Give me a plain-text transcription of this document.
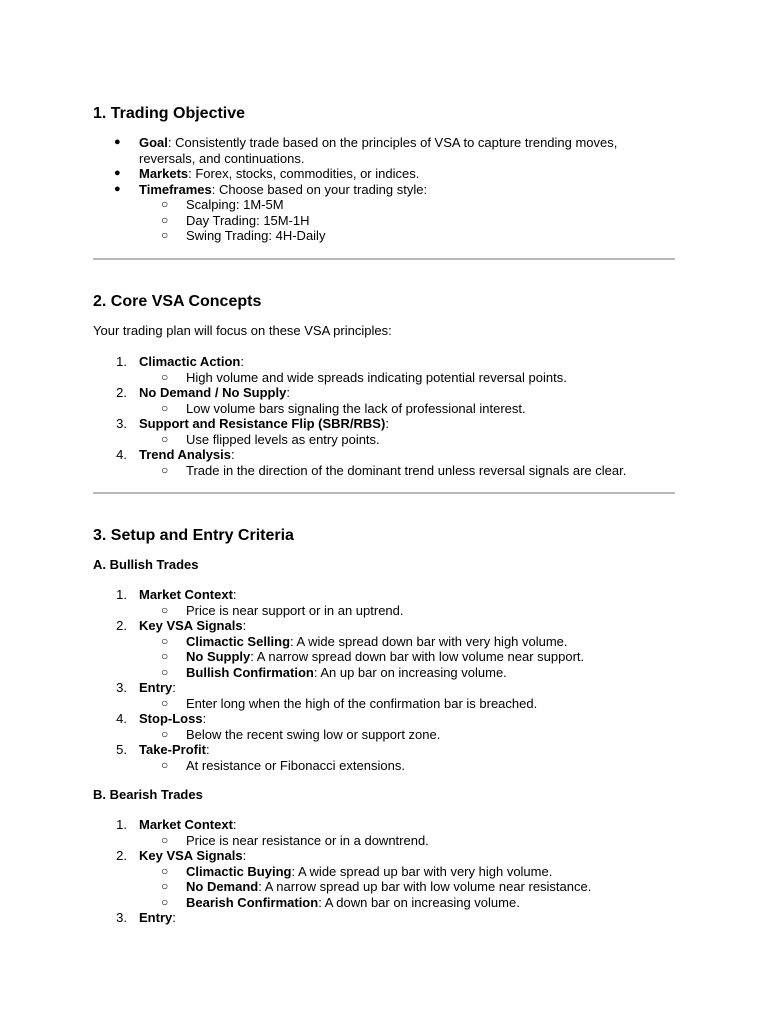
1. Trading Objective
● Goal: Consistently trade based on the principles of VSA to capture trending moves, reversals, and continuations.
● Markets: Forex, stocks, commodities, or indices.
● Timeframes: Choose based on your trading style:
○ Scalping: 1M-5M
○ Day Trading: 15M-1H
○ Swing Trading: 4H-Daily
2. Core VSA Concepts

Your trading plan will focus on these VSA principles:

1. Climactic Action:
○ High volume and wide spreads indicating potential reversal points.
2. No Demand / No Supply:
○ Low volume bars signaling the lack of professional interest.
3. Support and Resistance Flip (SBR/RBS):
○ Use flipped levels as entry points.
4. Trend Analysis:
○ Trade in the direction of the dominant trend unless reversal signals are clear.
3. Setup and Entry Criteria
A. Bullish Trades
1. Market Context:
○ Price is near support or in an uptrend.
2. Key VSA Signals:
○ Climactic Selling: A wide spread down bar with very high volume.
○ No Supply: A narrow spread down bar with low volume near support.
○ Bullish Confirmation: An up bar on increasing volume.
3. Entry:
○ Enter long when the high of the confirmation bar is breached.
4. Stop-Loss:
○ Below the recent swing low or support zone.
5. Take-Profit:
○ At resistance or Fibonacci extensions.
B. Bearish Trades
1. Market Context:
○ Price is near resistance or in a downtrend.
2. Key VSA Signals:
○ Climactic Buying: A wide spread up bar with very high volume.
○ No Demand: A narrow spread up bar with low volume near resistance.
○ Bearish Confirmation: A down bar on increasing volume.
3. Entry:
